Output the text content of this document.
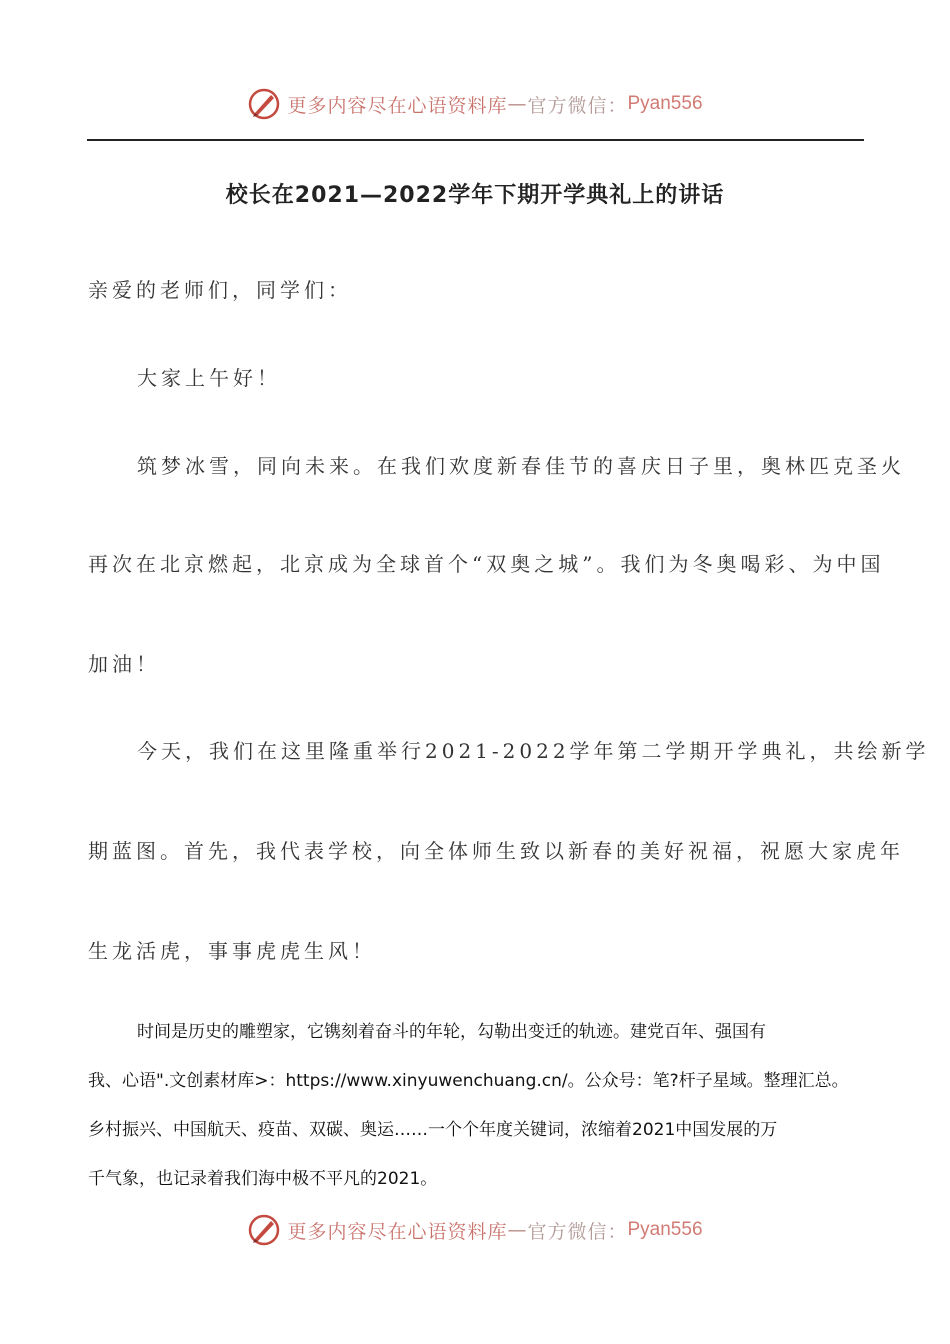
更多内容尽在心语资料库 — 官方微信： Pyan556
校长在2021—2022学年下期开学典礼上的讲话
亲爱的老师们，同学们：
大家上午好！
筑梦冰雪，同向未来。在我们欢度新春佳节的喜庆日子里，奥林匹克圣火
再次在北京燃起，北京成为全球首个“双奥之城”。我们为冬奥喝彩、为中国
加油！
今天，我们在这里隆重举行2021-2022学年第二学期开学典礼，共绘新学
期蓝图。首先，我代表学校，向全体师生致以新春的美好祝福，祝愿大家虎年
生龙活虎，事事虎虎生风！
时间是历史的雕塑家，它镌刻着奋斗的年轮，勾勒出变迁的轨迹。建党百年、强国有
我、心语".文创素材库>：https://www.xinyuwenchuang.cn/。公众号：笔?杆子星域。整理汇总。
乡村振兴、中国航天、疫苗、双碳、奥运……一个个年度关键词，浓缩着2021中国发展的万
千气象，也记录着我们海中极不平凡的2021。
更多内容尽在心语资料库 — 官方微信： Pyan556
